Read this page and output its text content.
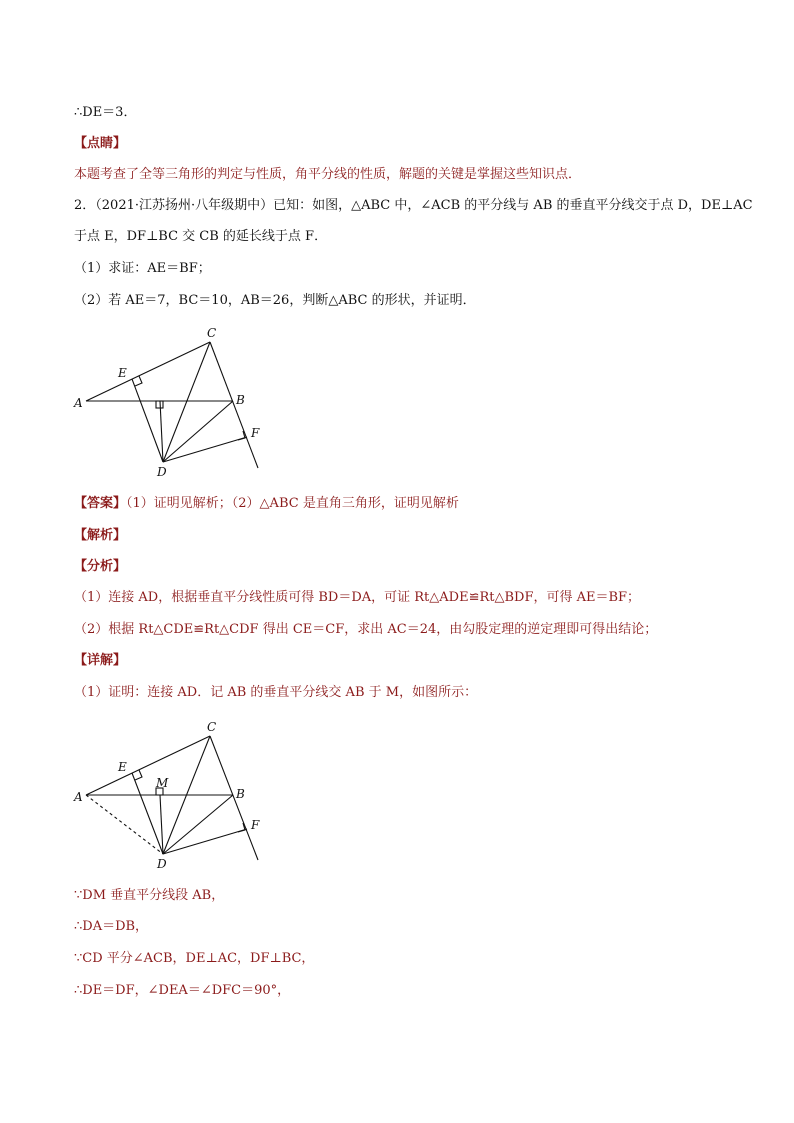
∴DE＝3．
【点睛】
本题考查了全等三角形的判定与性质，角平分线的性质，解题的关键是掌握这些知识点．
2．（2021·江苏扬州·八年级期中）已知：如图，△ABC 中，∠ACB 的平分线与 AB 的垂直平分线交于点 D，DE⊥AC
于点 E，DF⊥BC 交 CB 的延长线于点 F．
（1）求证：AE＝BF；
（2）若 AE＝7，BC＝10，AB＝26，判断△ABC 的形状，并证明．
C
E
A	B
F
D
【答案】（1）证明见解析；（2）△ABC 是直角三角形，证明见解析
【解析】
【分析】
（1）连接 AD，根据垂直平分线性质可得 BD＝DA，可证 Rt△ADE≌Rt△BDF，可得 AE＝BF；
（2）根据 Rt△CDE≌Rt△CDF 得出 CE＝CF，求出 AC＝24，由勾股定理的逆定理即可得出结论；
【详解】
（1）证明：连接 AD．记 AB 的垂直平分线交 AB 于 M，如图所示：
C
E
M
A	B
F
D
∵DM 垂直平分线段 AB，
∴DA＝DB，
∵CD 平分∠ACB，DE⊥AC，DF⊥BC，
∴DE＝DF，∠DEA＝∠DFC＝90°，
